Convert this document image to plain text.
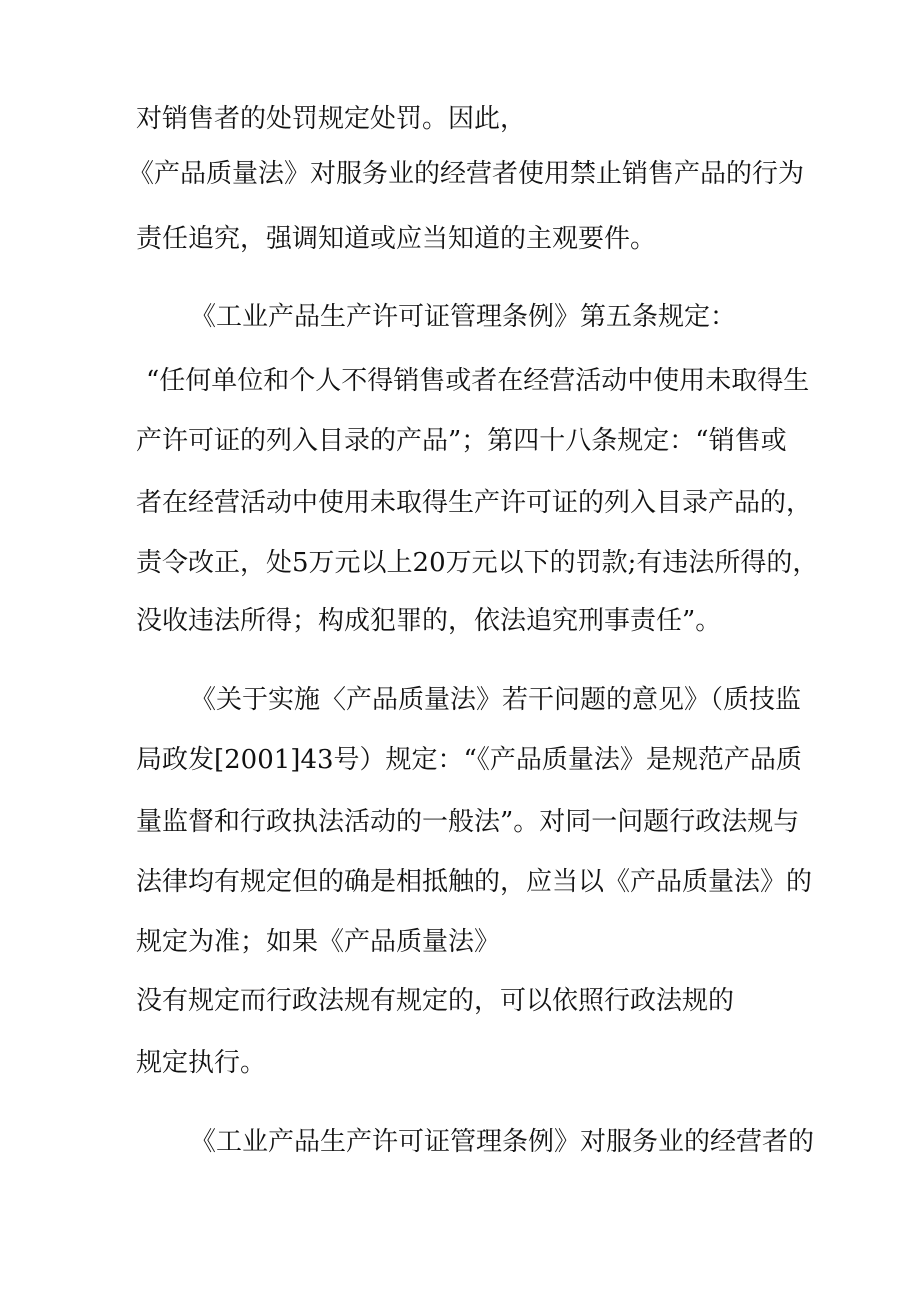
对销售者的处罚规定处罚。因此，

《产品质量法》对服务业的经营者使用禁止销售产品的行为

责任追究，强调知道或应当知道的主观要件。

《工业产品生产许可证管理条例》第五条规定：

“任何单位和个人不得销售或者在经营活动中使用未取得生

产许可证的列入目录的产品”；第四十八条规定：“销售或

者在经营活动中使用未取得生产许可证的列入目录产品的，

责令改正，处5万元以上20万元以下的罚款;有违法所得的，

没收违法所得；构成犯罪的，依法追究刑事责任”。

《关于实施〈产品质量法》若干问题的意见》（质技监

局政发[2001]43号）规定：“《产品质量法》是规范产品质

量监督和行政执法活动的一般法”。对同一问题行政法规与

法律均有规定但的确是相抵触的，应当以《产品质量法》的

规定为准；如果《产品质量法》

没有规定而行政法规有规定的，可以依照行政法规的

规定执行。

《工业产品生产许可证管理条例》对服务业的经营者的
